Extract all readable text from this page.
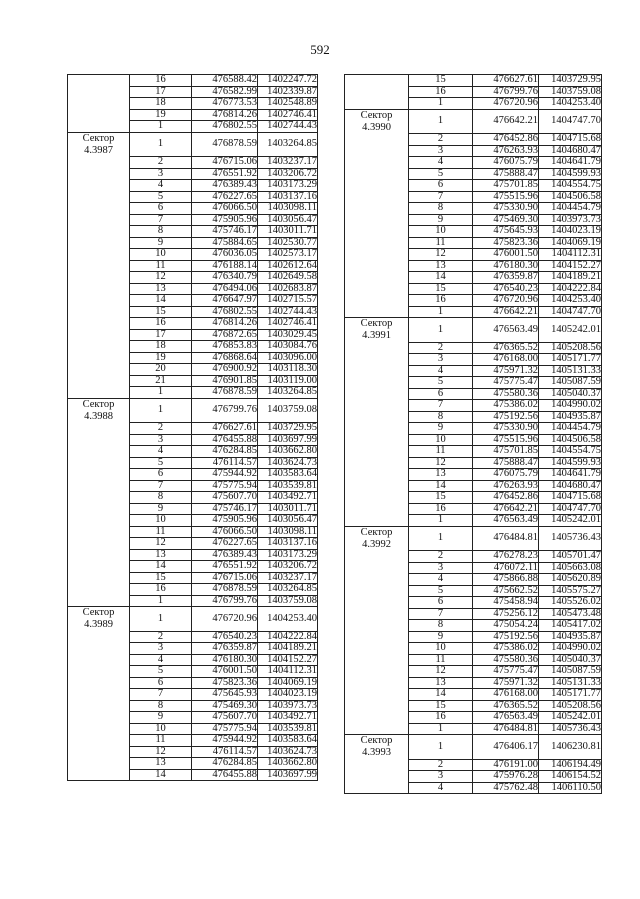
592
	16	476588.42	1402247.72
	17	476582.99	1402339.87
	18	476773.53	1402548.89
	19	476814.26	1402746.41
	1	476802.55	1402744.43

Сектор
4.3987	1	476878.59	1403264.85
	2	476715.06	1403237.17
	3	476551.92	1403206.72
	4	476389.43	1403173.29
	5	476227.65	1403137.16
	6	476066.50	1403098.11
	7	475905.96	1403056.47
	8	475746.17	1403011.71
	9	475884.65	1402530.77
	10	476036.05	1402573.17
	11	476188.14	1402612.64
	12	476340.79	1402649.58
	13	476494.06	1402683.87
	14	476647.97	1402715.57
	15	476802.55	1402744.43
	16	476814.26	1402746.41
	17	476872.65	1403029.45
	18	476853.83	1403084.76
	19	476868.64	1403096.00
	20	476900.92	1403118.30
	21	476901.85	1403119.00
	1	476878.59	1403264.85

Сектор
4.3988	1	476799.76	1403759.08
	2	476627.61	1403729.95
	3	476455.88	1403697.99
	4	476284.85	1403662.80
	5	476114.57	1403624.73
	6	475944.92	1403583.64
	7	475775.94	1403539.81
	8	475607.70	1403492.71
	9	475746.17	1403011.71
	10	475905.96	1403056.47
	11	476066.50	1403098.11
	12	476227.65	1403137.16
	13	476389.43	1403173.29
	14	476551.92	1403206.72
	15	476715.06	1403237.17
	16	476878.59	1403264.85
	1	476799.76	1403759.08

Сектор
4.3989	1	476720.96	1404253.40
	2	476540.23	1404222.84
	3	476359.87	1404189.21
	4	476180.30	1404152.27
	5	476001.50	1404112.31
	6	475823.36	1404069.19
	7	475645.93	1404023.19
	8	475469.30	1403973.73
	9	475607.70	1403492.71
	10	475775.94	1403539.81
	11	475944.92	1403583.64
	12	476114.57	1403624.73
	13	476284.85	1403662.80
	14	476455.88	1403697.99
	15	476627.61	1403729.95
	16	476799.76	1403759.08
	1	476720.96	1404253.40

Сектор
4.3990	1	476642.21	1404747.70
	2	476452.86	1404715.68
	3	476263.93	1404680.47
	4	476075.79	1404641.79
	5	475888.47	1404599.93
	6	475701.85	1404554.75
	7	475515.96	1404506.58
	8	475330.90	1404454.79
	9	475469.30	1403973.73
	10	475645.93	1404023.19
	11	475823.36	1404069.19
	12	476001.50	1404112.31
	13	476180.30	1404152.27
	14	476359.87	1404189.21
	15	476540.23	1404222.84
	16	476720.96	1404253.40
	1	476642.21	1404747.70

Сектор
4.3991	1	476563.49	1405242.01
	2	476365.52	1405208.56
	3	476168.00	1405171.77
	4	475971.32	1405131.33
	5	475775.47	1405087.59
	6	475580.36	1405040.37
	7	475386.02	1404990.02
	8	475192.56	1404935.87
	9	475330.90	1404454.79
	10	475515.96	1404506.58
	11	475701.85	1404554.75
	12	475888.47	1404599.93
	13	476075.79	1404641.79
	14	476263.93	1404680.47
	15	476452.86	1404715.68
	16	476642.21	1404747.70
	1	476563.49	1405242.01

Сектор
4.3992	1	476484.81	1405736.43
	2	476278.23	1405701.47
	3	476072.11	1405663.08
	4	475866.88	1405620.89
	5	475662.52	1405575.27
	6	475458.94	1405526.02
	7	475256.12	1405473.48
	8	475054.24	1405417.02
	9	475192.56	1404935.87
	10	475386.02	1404990.02
	11	475580.36	1405040.37
	12	475775.47	1405087.59
	13	475971.32	1405131.33
	14	476168.00	1405171.77
	15	476365.52	1405208.56
	16	476563.49	1405242.01
	1	476484.81	1405736.43

Сектор
4.3993	1	476406.17	1406230.81
	2	476191.00	1406194.49
	3	475976.28	1406154.52
	4	475762.48	1406110.50
